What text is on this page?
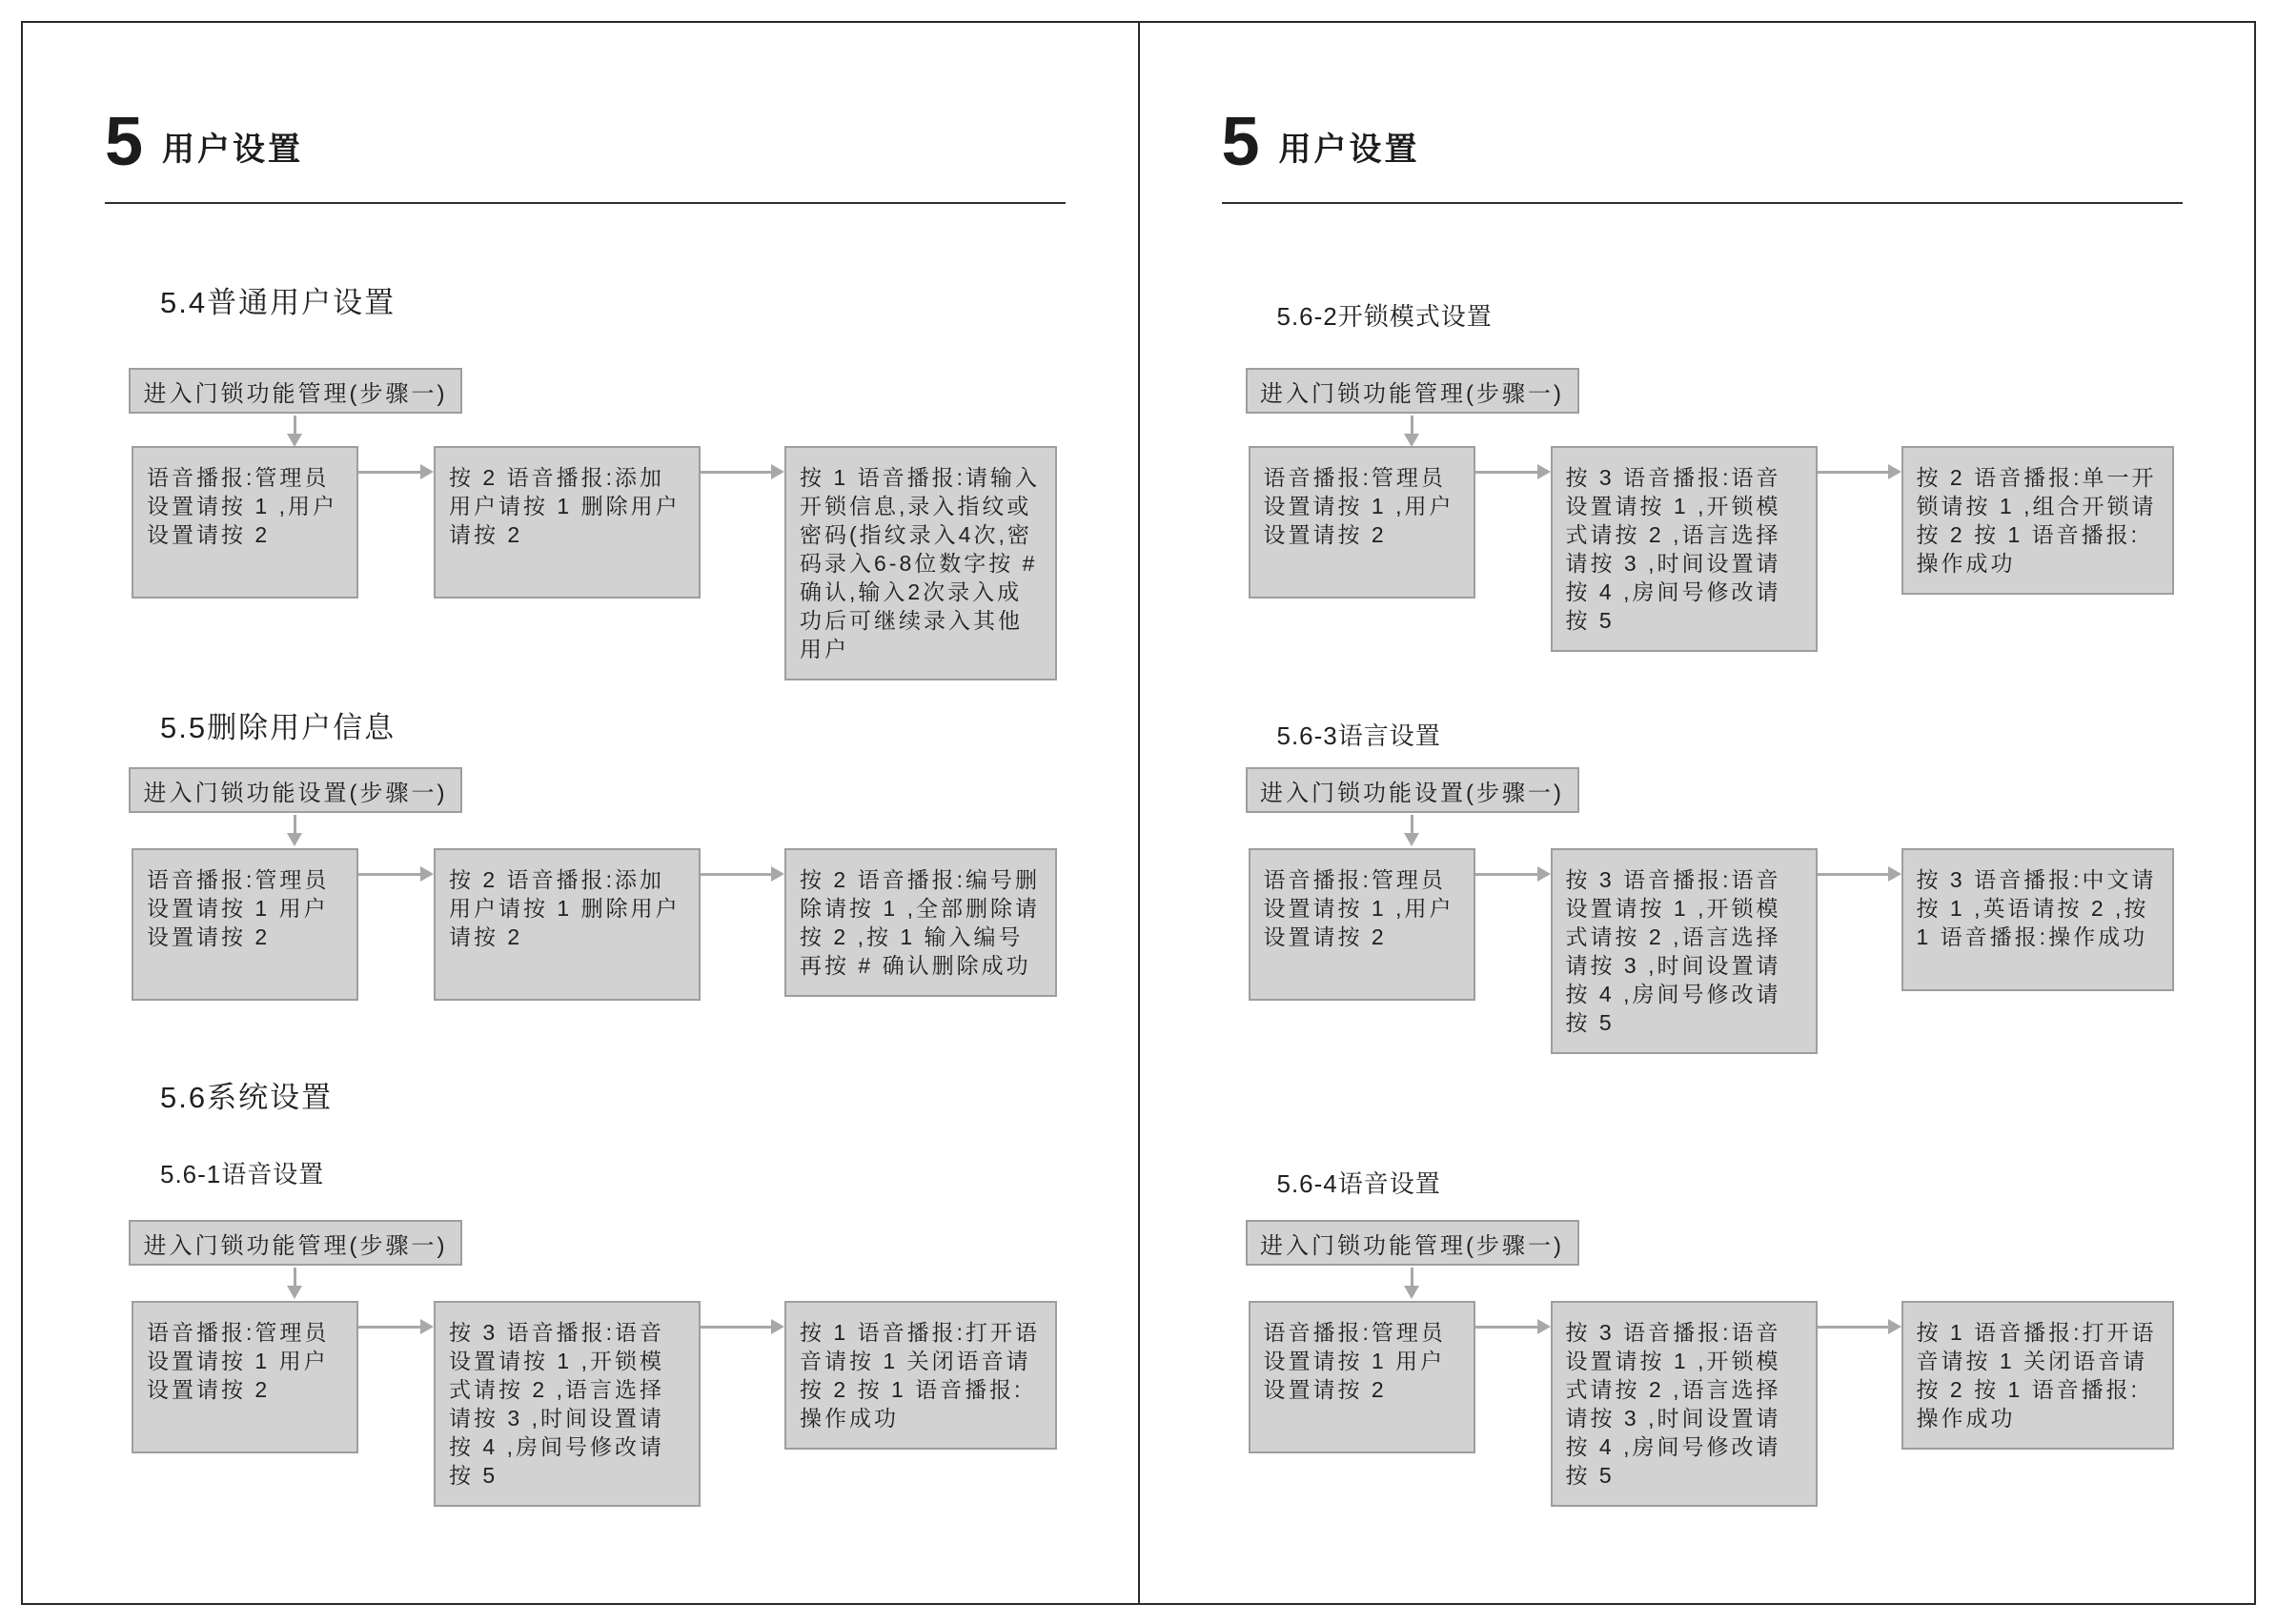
5 用户设置
5.4普通用户设置
进入门锁功能管理(步骤一)
语音播报:管理员设置请按 1 ,用户设置请按 2
按 2 语音播报:添加用户请按 1 删除用户请按 2
按 1 语音播报:请输入开锁信息,录入指纹或密码(指纹录入4次,密码录入6-8位数字按 # 确认,输入2次录入成功后可继续录入其他用户
5.5删除用户信息
进入门锁功能设置(步骤一)
语音播报:管理员设置请按 1 用户设置请按 2
按 2 语音播报:添加用户请按 1 删除用户请按 2
按 2 语音播报:编号删除请按 1 ,全部删除请按 2 ,按 1 输入编号再按 # 确认删除成功
5.6系统设置
5.6-1语音设置
进入门锁功能管理(步骤一)
语音播报:管理员设置请按 1 用户设置请按 2
按 3 语音播报:语音设置请按 1 ,开锁模式请按 2 ,语言选择请按 3 ,时间设置请按 4 ,房间号修改请按 5
按 1 语音播报:打开语音请按 1 关闭语音请按 2 按 1 语音播报:操作成功
5 用户设置
5.6-2开锁模式设置
进入门锁功能管理(步骤一)
语音播报:管理员设置请按 1 ,用户设置请按 2
按 3 语音播报:语音设置请按 1 ,开锁模式请按 2 ,语言选择请按 3 ,时间设置请按 4 ,房间号修改请按 5
按 2 语音播报:单一开锁请按 1 ,组合开锁请按 2 按 1 语音播报:操作成功
5.6-3语言设置
进入门锁功能设置(步骤一)
语音播报:管理员设置请按 1 ,用户设置请按 2
按 3 语音播报:语音设置请按 1 ,开锁模式请按 2 ,语言选择请按 3 ,时间设置请按 4 ,房间号修改请按 5
按 3 语音播报:中文请按 1 ,英语请按 2 ,按 1 语音播报:操作成功
5.6-4语音设置
进入门锁功能管理(步骤一)
语音播报:管理员设置请按 1 用户设置请按 2
按 3 语音播报:语音设置请按 1 ,开锁模式请按 2 ,语言选择请按 3 ,时间设置请按 4 ,房间号修改请按 5
按 1 语音播报:打开语音请按 1 关闭语音请按 2 按 1 语音播报:操作成功
